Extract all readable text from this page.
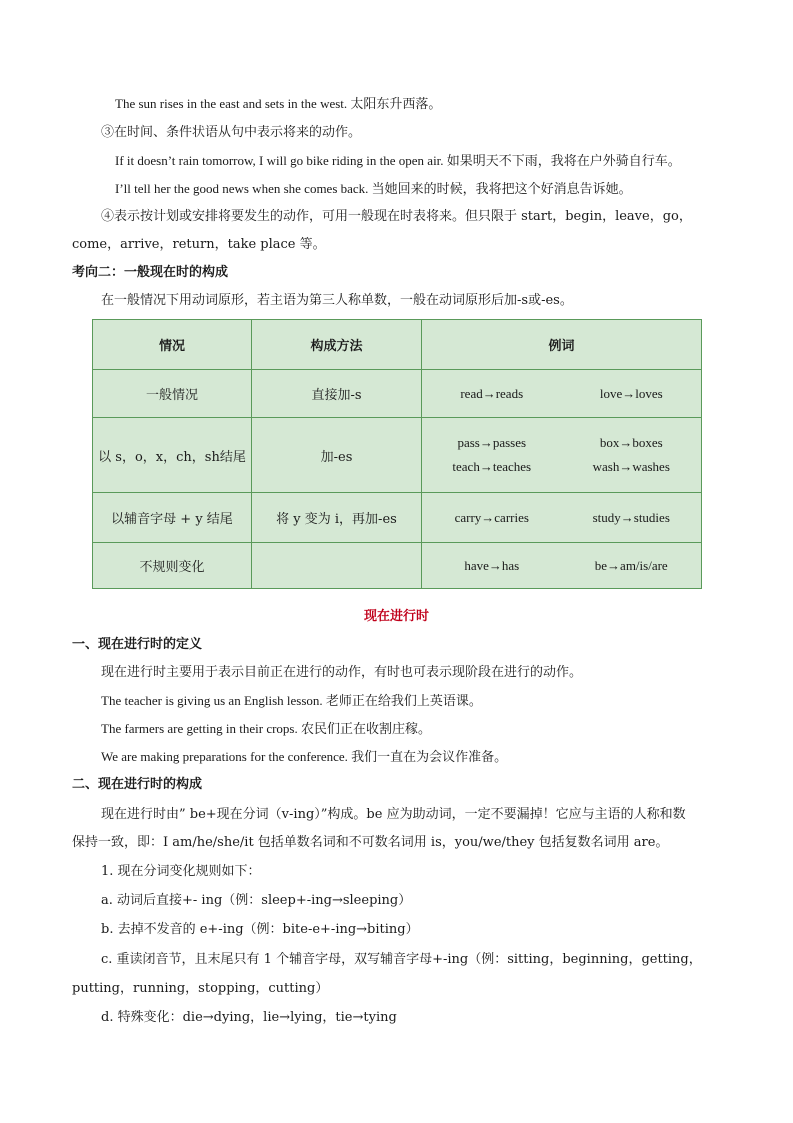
The sun rises in the east and sets in the west. 太阳东升西落。
③在时间、条件状语从句中表示将来的动作。
If it doesn’t rain tomorrow, I will go bike riding in the open air. 如果明天不下雨，我将在户外骑自行车。
I’ll tell her the good news when she comes back. 当她回来的时候，我将把这个好消息告诉她。
④表示按计划或安排将要发生的动作，可用一般现在时表将来。但只限于 start，begin，leave，go，
come，arrive，return，take place 等。
考向二：一般现在时的构成
在一般情况下用动词原形，若主语为第三人称单数，一般在动词原形后加-s或-es。
情况	构成方法	例词
一般情况	直接加-s	read→reads love→loves

以 s，o，x，ch，sh结尾	加-es	pass→passes box→boxes
teach→teaches wash→washes

以辅音字母 + y 结尾	将 y 变为 i，再加-es	carry→carries study→studies

不规则变化		have→has be→am/is/are
现在进行时
一、现在进行时的定义
现在进行时主要用于表示目前正在进行的动作，有时也可表示现阶段在进行的动作。
The teacher is giving us an English lesson. 老师正在给我们上英语课。
The farmers are getting in their crops. 农民们正在收割庄稼。
We are making preparations for the conference. 我们一直在为会议作准备。
二、现在进行时的构成
现在进行时由” be+现在分词（v-ing）”构成。be 应为助动词，一定不要漏掉！它应与主语的人称和数
保持一致，即：I am/he/she/it 包括单数名词和不可数名词用 is，you/we/they 包括复数名词用 are。
1. 现在分词变化规则如下：
a. 动词后直接+- ing（例：sleep+-ing→sleeping）
b. 去掉不发音的 e+-ing（例：bite-e+-ing→biting）
c. 重读闭音节，且末尾只有 1 个辅音字母，双写辅音字母+-ing（例：sitting，beginning，getting，
putting，running，stopping，cutting）
d. 特殊变化：die→dying，lie→lying，tie→tying
